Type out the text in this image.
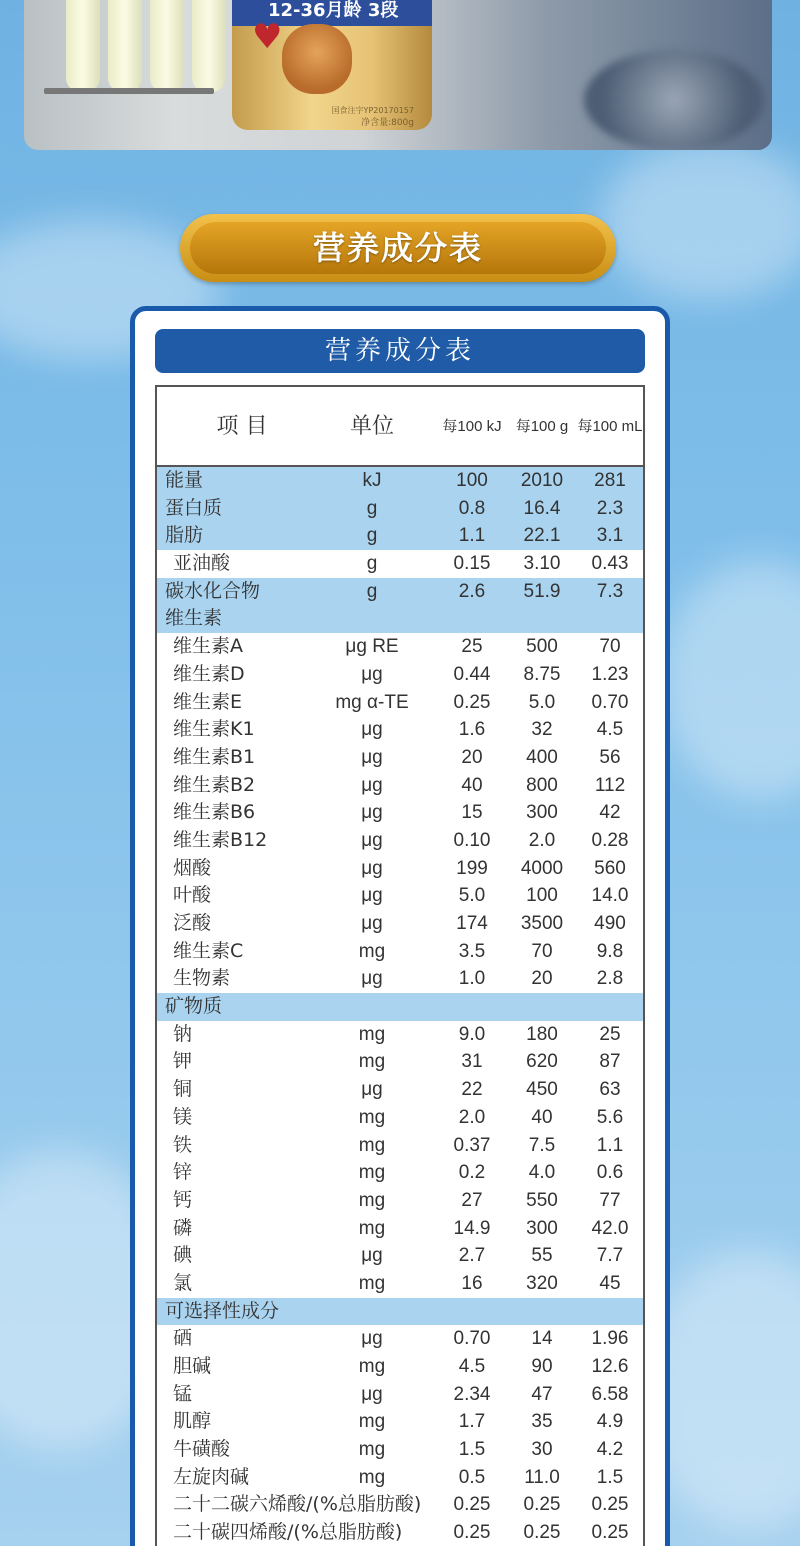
12-36月龄 3段
♥
国食注字YP20170157
净含量:800g
营养成分表
营养成分表
项 目	单位	每100 kJ 每100 g 每100 mL
能量	kJ	100	2010	281
蛋白质	g	0.8	16.4	2.3
脂肪	g	1.1	22.1	3.1
亚油酸	g	0.15	3.10	0.43
碳水化合物	g	2.6	51.9	7.3
维生素
维生素A	μg RE	25	500	70
维生素D	μg	0.44	8.75	1.23
维生素E	mg α-TE	0.25	5.0	0.70
维生素K1	μg	1.6	32	4.5
维生素B1	μg	20	400	56
维生素B2	μg	40	800	112
维生素B6	μg	15	300	42
维生素B12	μg	0.10	2.0	0.28
烟酸	μg	199	4000	560
叶酸	μg	5.0	100	14.0
泛酸	μg	174	3500	490
维生素C	mg	3.5	70	9.8
生物素	μg	1.0	20	2.8
矿物质
钠	mg	9.0	180	25
钾	mg	31	620	87
铜	μg	22	450	63
镁	mg	2.0	40	5.6
铁	mg	0.37	7.5	1.1
锌	mg	0.2	4.0	0.6
钙	mg	27	550	77
磷	mg	14.9	300	42.0
碘	μg	2.7	55	7.7
氯	mg	16	320	45
可选择性成分
硒	μg	0.70	14	1.96
胆碱	mg	4.5	90	12.6
锰	μg	2.34	47	6.58
肌醇	mg	1.7	35	4.9
牛磺酸	mg	1.5	30	4.2
左旋肉碱	mg	0.5	11.0	1.5
二十二碳六烯酸/(%总脂肪酸)	0.25	0.25	0.25
二十碳四烯酸/(%总脂肪酸)	0.25	0.25	0.25
